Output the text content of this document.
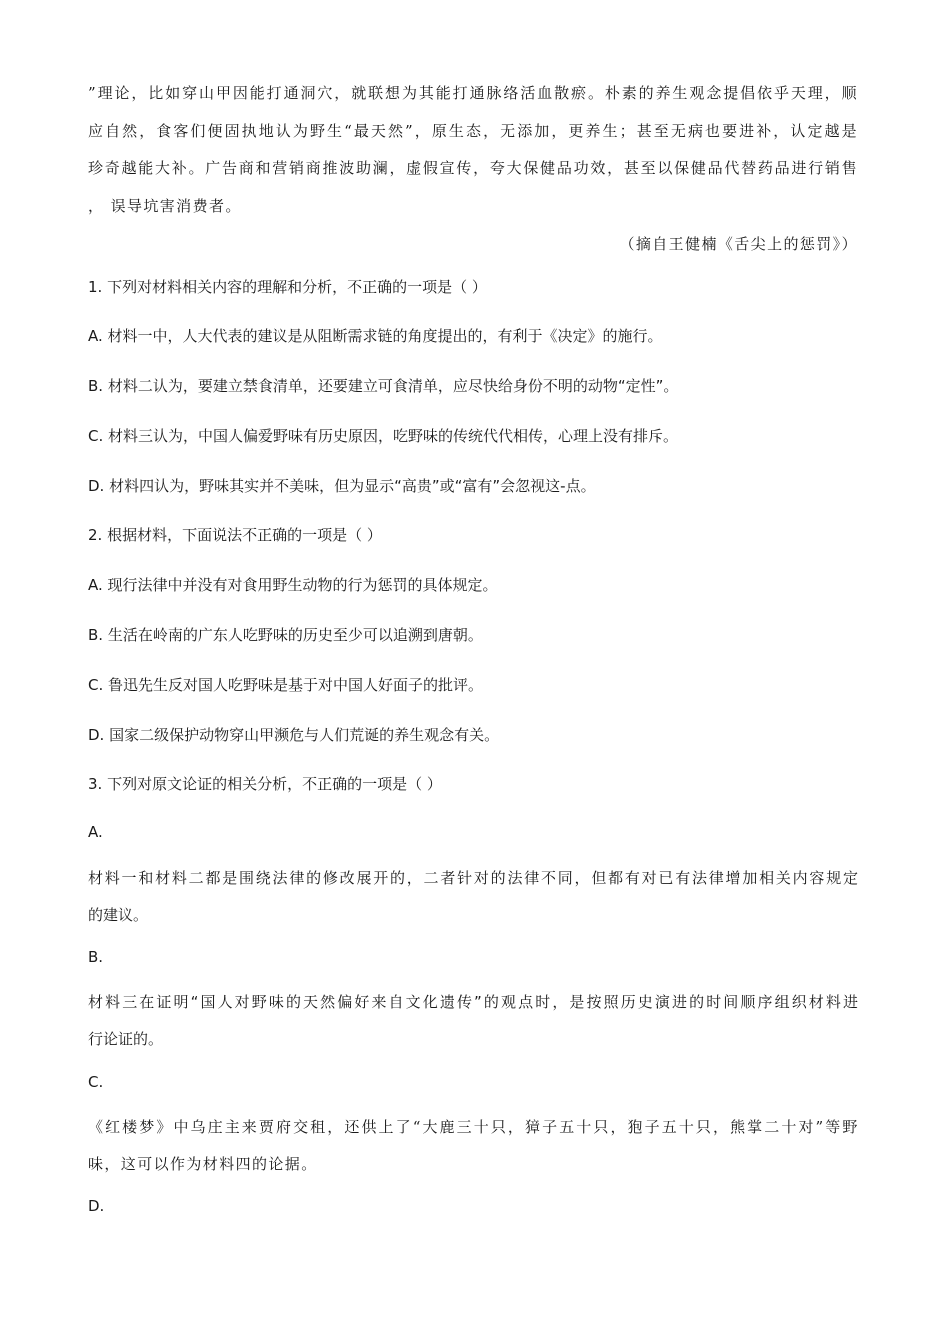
”理论，比如穿山甲因能打通洞穴，就联想为其能打通脉络活血散瘀。朴素的养生观念提倡依乎天理，顺
应自然，食客们便固执地认为野生“最天然”，原生态，无添加，更养生；甚至无病也要进补，认定越是
珍奇越能大补。广告商和营销商推波助澜，虚假宣传，夸大保健品功效，甚至以保健品代替药品进行销售
， 误导坑害消费者。
（摘自王健楠《舌尖上的惩罚》）
1. 下列对材料相关内容的理解和分析，不正确的一项是（ ）
A. 材料一中，人大代表的建议是从阻断需求链的角度提出的，有利于《决定》的施行。
B. 材料二认为，要建立禁食清单，还要建立可食清单，应尽快给身份不明的动物“定性”。
C. 材料三认为，中国人偏爱野味有历史原因，吃野味的传统代代相传，心理上没有排斥。
D. 材料四认为，野味其实并不美味，但为显示“高贵”或“富有”会忽视这-点。
2. 根据材料，下面说法不正确的一项是（ ）
A. 现行法律中并没有对食用野生动物的行为惩罚的具体规定。
B. 生活在岭南的广东人吃野味的历史至少可以追溯到唐朝。
C. 鲁迅先生反对国人吃野味是基于对中国人好面子的批评。
D. 国家二级保护动物穿山甲濒危与人们荒诞的养生观念有关。
3. 下列对原文论证的相关分析，不正确的一项是（ ）
A.
材料一和材料二都是围绕法律的修改展开的，二者针对的法律不同，但都有对已有法律增加相关内容规定
的建议。
B.
材料三在证明“国人对野味的天然偏好来自文化遗传”的观点时，是按照历史演进的时间顺序组织材料进
行论证的。
C.
《红楼梦》中乌庄主来贾府交租，还供上了“大鹿三十只，獐子五十只，狍子五十只，熊掌二十对”等野
味，这可以作为材料四的论据。
D.
